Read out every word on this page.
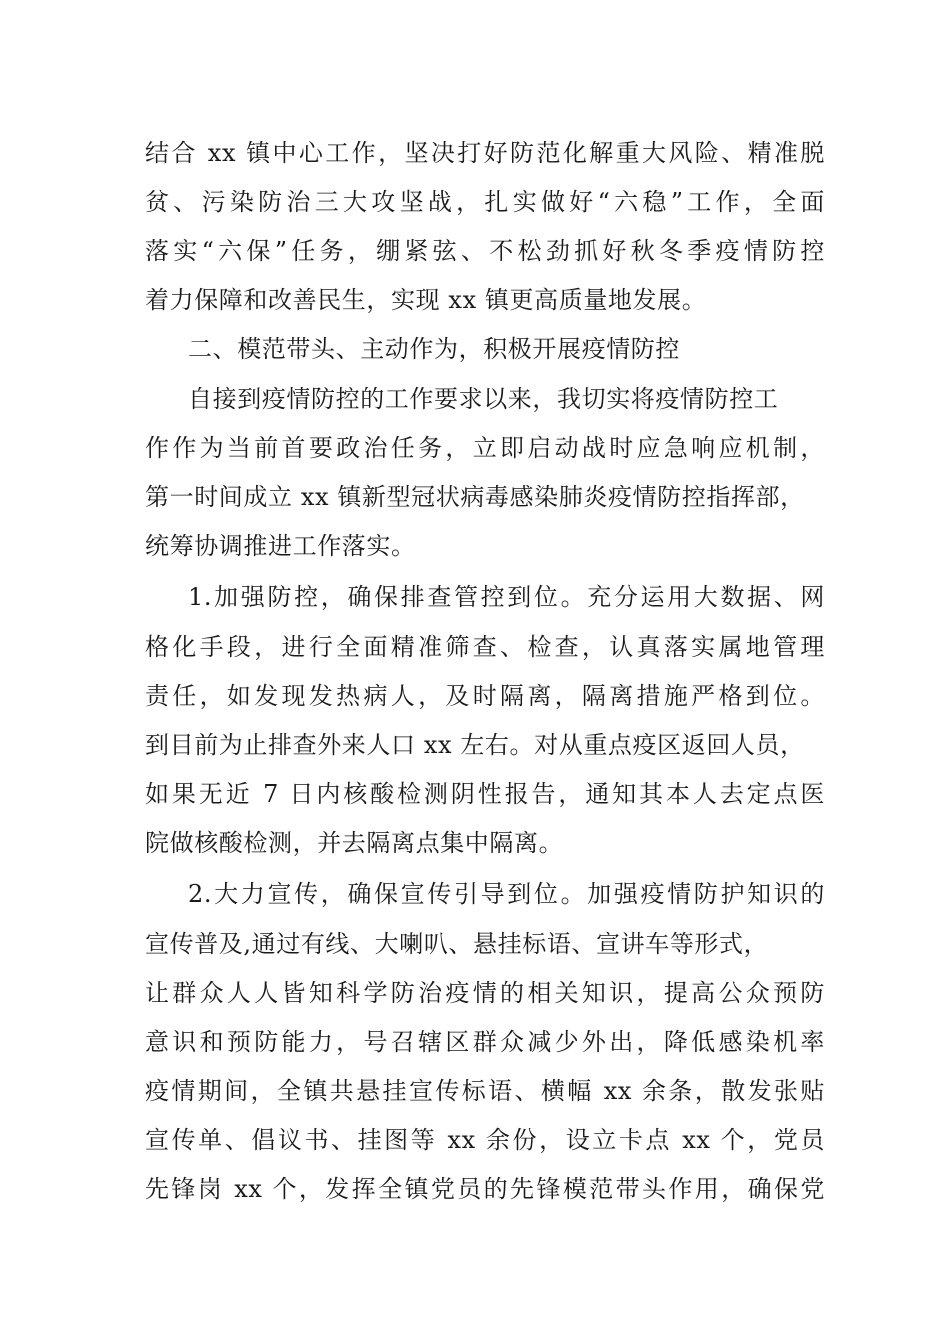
结合 xx 镇中心工作，坚决打好防范化解重大风险、精准脱

贫、污染防治三大攻坚战，扎实做好“六稳”工作，全面

落实“六保”任务，绷紧弦、不松劲抓好秋冬季疫情防控

着力保障和改善民生，实现 xx 镇更高质量地发展。

二、模范带头、主动作为，积极开展疫情防控

自接到疫情防控的工作要求以来，我切实将疫情防控工

作作为当前首要政治任务，立即启动战时应急响应机制，

第一时间成立 xx 镇新型冠状病毒感染肺炎疫情防控指挥部，

统筹协调推进工作落实。

1.加强防控，确保排查管控到位。充分运用大数据、网

格化手段，进行全面精准筛查、检查，认真落实属地管理

责任，如发现发热病人，及时隔离，隔离措施严格到位。

到目前为止排查外来人口 xx 左右。对从重点疫区返回人员，

如果无近 7 日内核酸检测阴性报告，通知其本人去定点医

院做核酸检测，并去隔离点集中隔离。

2.大力宣传，确保宣传引导到位。加强疫情防护知识的

宣传普及,通过有线、大喇叭、悬挂标语、宣讲车等形式，

让群众人人皆知科学防治疫情的相关知识，提高公众预防

意识和预防能力，号召辖区群众减少外出，降低感染机率

疫情期间，全镇共悬挂宣传标语、横幅 xx 余条，散发张贴

宣传单、倡议书、挂图等 xx 余份，设立卡点 xx 个，党员

先锋岗 xx 个，发挥全镇党员的先锋模范带头作用，确保党
